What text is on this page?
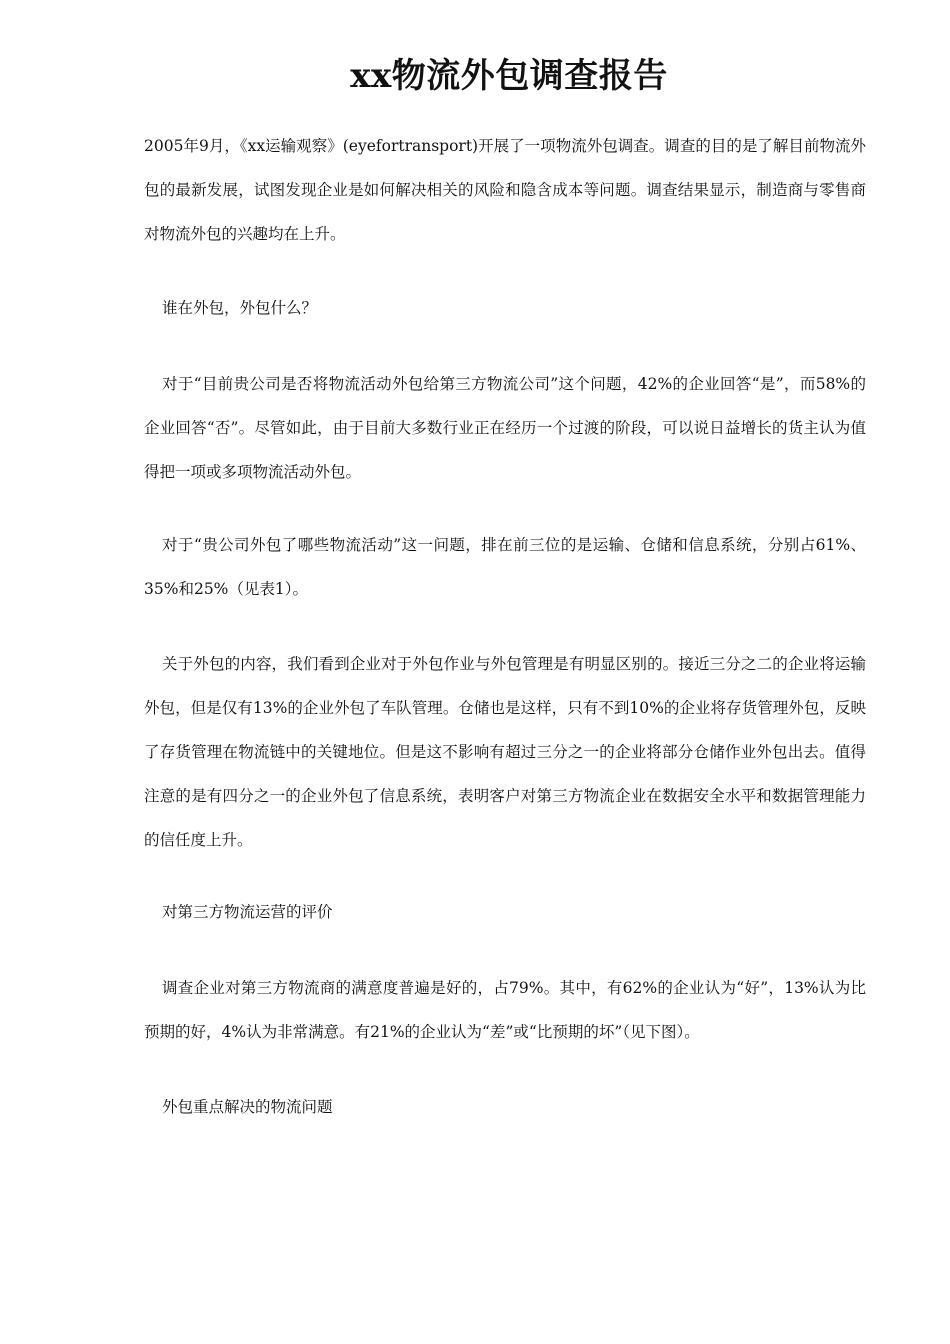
xx物流外包调查报告

2005年9月，《xx运输观察》(eyefortransport)开展了一项物流外包调查。调查的目的是了解目前物流外包的最新发展，试图发现企业是如何解决相关的风险和隐含成本等问题。调查结果显示，制造商与零售商对物流外包的兴趣均在上升。

谁在外包，外包什么？

对于“目前贵公司是否将物流活动外包给第三方物流公司”这个问题，42%的企业回答“是”，而58%的企业回答“否”。尽管如此，由于目前大多数行业正在经历一个过渡的阶段，可以说日益增长的货主认为值得把一项或多项物流活动外包。

对于“贵公司外包了哪些物流活动”这一问题，排在前三位的是运输、仓储和信息系统，分别占61%、35%和25%（见表1）。

关于外包的内容，我们看到企业对于外包作业与外包管理是有明显区别的。接近三分之二的企业将运输外包，但是仅有13%的企业外包了车队管理。仓储也是这样，只有不到10%的企业将存货管理外包，反映了存货管理在物流链中的关键地位。但是这不影响有超过三分之一的企业将部分仓储作业外包出去。值得注意的是有四分之一的企业外包了信息系统，表明客户对第三方物流企业在数据安全水平和数据管理能力的信任度上升。

对第三方物流运营的评价

调查企业对第三方物流商的满意度普遍是好的，占79%。其中，有62%的企业认为“好”，13%认为比预期的好，4%认为非常满意。有21%的企业认为“差”或“比预期的坏”（见下图）。

外包重点解决的物流问题
